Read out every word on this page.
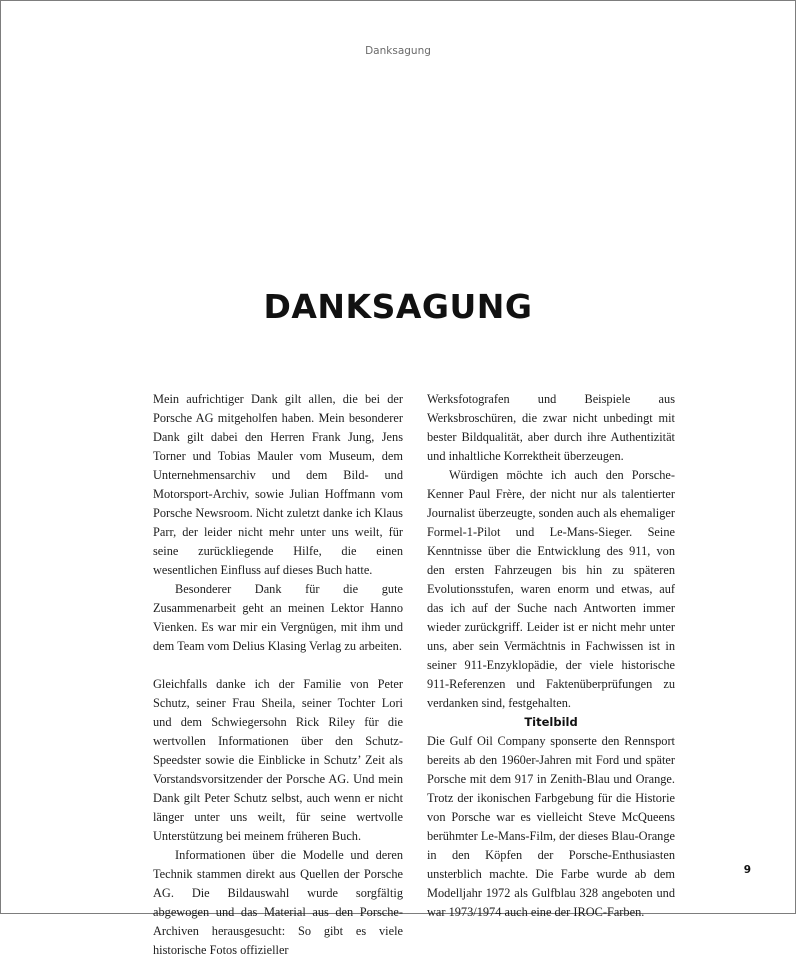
Danksagung
DANKSAGUNG

Mein aufrichtiger Dank gilt allen, die bei der Porsche AG mitgeholfen haben. Mein besonderer Dank gilt dabei den Herren Frank Jung, Jens Torner und Tobias Mauler vom Museum, dem Unternehmensarchiv und dem Bild- und Motorsport-Archiv, sowie Julian Hoffmann vom Porsche Newsroom. Nicht zuletzt danke ich Klaus Parr, der leider nicht mehr unter uns weilt, für seine zurückliegende Hilfe, die einen wesentlichen Einfluss auf dieses Buch hatte.

Besonderer Dank für die gute Zusammenarbeit geht an meinen Lektor Hanno Vienken. Es war mir ein Vergnügen, mit ihm und dem Team vom Delius Klasing Verlag zu arbeiten.

Gleichfalls danke ich der Familie von Peter Schutz, seiner Frau Sheila, seiner Tochter Lori und dem Schwiegersohn Rick Riley für die wertvollen Informationen über den Schutz-Speedster sowie die Einblicke in Schutz’ Zeit als Vorstandsvorsitzender der Porsche AG. Und mein Dank gilt Peter Schutz selbst, auch wenn er nicht länger unter uns weilt, für seine wertvolle Unterstützung bei meinem früheren Buch.

Informationen über die Modelle und deren Technik stammen direkt aus Quellen der Porsche AG. Die Bildauswahl wurde sorgfältig abgewogen und das Material aus den Porsche-Archiven herausgesucht: So gibt es viele historische Fotos offizieller

Werksfotografen und Beispiele aus Werksbroschüren, die zwar nicht unbedingt mit bester Bildqualität, aber durch ihre Authentizität und inhaltliche Korrektheit überzeugen.

Würdigen möchte ich auch den Porsche-Kenner Paul Frère, der nicht nur als talentierter Journalist überzeugte, sonden auch als ehemaliger Formel-1-Pilot und Le-Mans-Sieger. Seine Kenntnisse über die Entwicklung des 911, von den ersten Fahrzeugen bis hin zu späteren Evolutionsstufen, waren enorm und etwas, auf das ich auf der Suche nach Antworten immer wieder zurückgriff. Leider ist er nicht mehr unter uns, aber sein Vermächtnis in Fachwissen ist in seiner 911-Enzyklopädie, der viele historische 911-Referenzen und Faktenüberprüfungen zu verdanken sind, festgehalten.

Titelbild

Die Gulf Oil Company sponserte den Rennsport bereits ab den 1960er-Jahren mit Ford und später Porsche mit dem 917 in Zenith-Blau und Orange. Trotz der ikonischen Farbgebung für die Historie von Porsche war es vielleicht Steve McQueens berühmter Le-Mans-Film, der dieses Blau-Orange in den Köpfen der Porsche-Enthusiasten unsterblich machte. Die Farbe wurde ab dem Modelljahr 1972 als Gulfblau 328 angeboten und war 1973/1974 auch eine der IROC-Farben.

9
